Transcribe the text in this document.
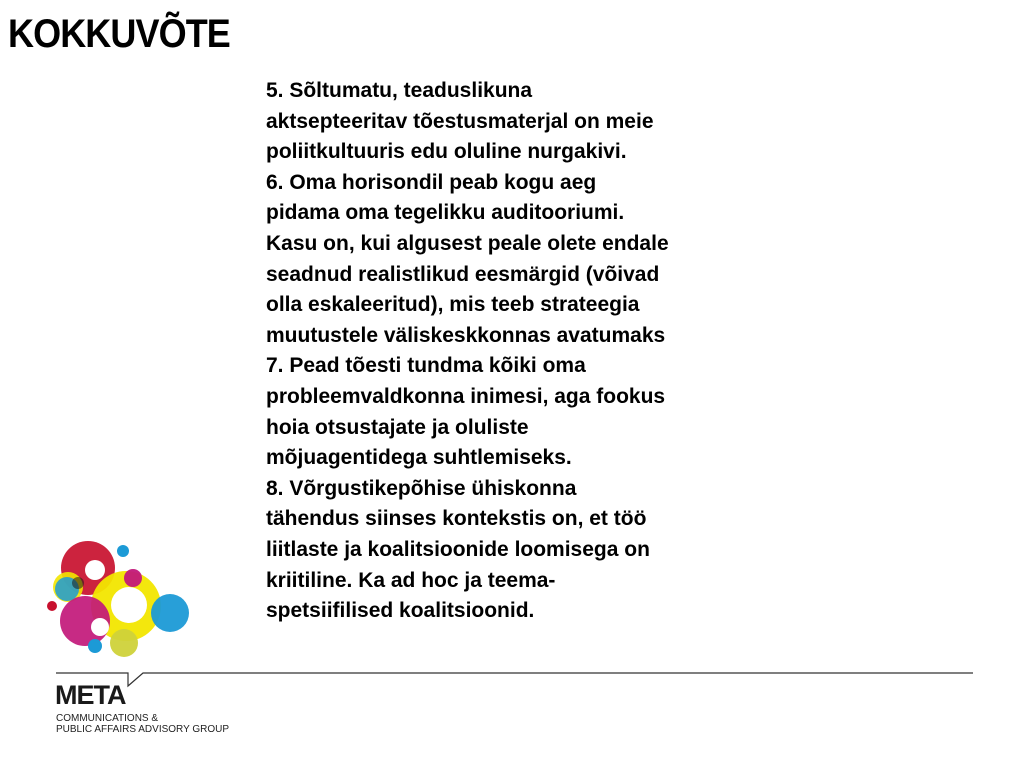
KOKKUVÕTE
5. Sõltumatu, teaduslikuna
aktsepteeritav tõestusmaterjal on meie
poliitkultuuris edu oluline nurgakivi.
6. Oma horisondil peab kogu aeg
pidama oma tegelikku auditooriumi.
Kasu on, kui algusest peale olete endale
seadnud realistlikud eesmärgid (võivad
olla eskaleeritud), mis teeb strateegia
muutustele väliskeskkonnas avatumaks
7. Pead tõesti tundma kõiki oma
probleemvaldkonna inimesi, aga fookus
hoia otsustajate ja oluliste
mõjuagentidega suhtlemiseks.
8. Võrgustikepõhise ühiskonna
tähendus siinses kontekstis on, et töö
liitlaste ja koalitsioonide loomisega on
kriitiline. Ka ad hoc ja teema-
spetsiifilised koalitsioonid.
META
COMMUNICATIONS &
PUBLIC AFFAIRS ADVISORY GROUP
